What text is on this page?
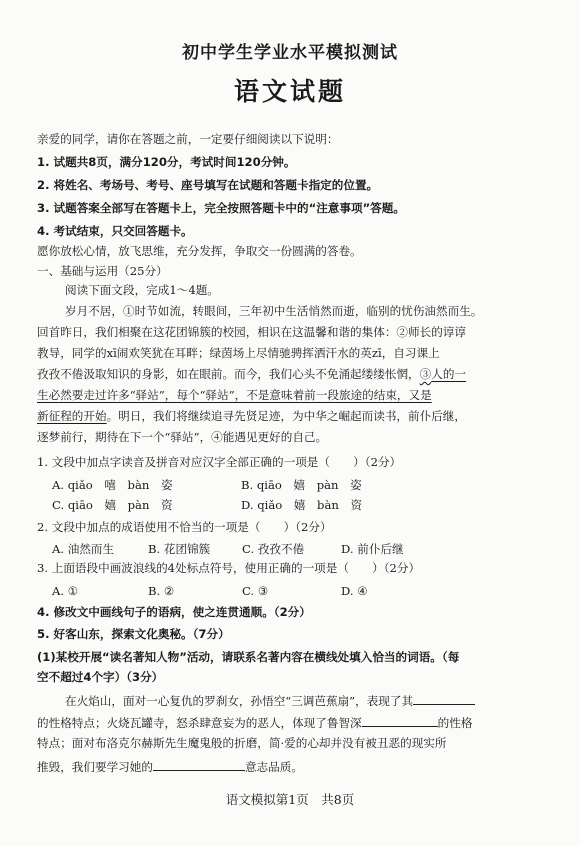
初中学生学业水平模拟测试
语文试题
亲爱的同学，请你在答题之前，一定要仔细阅读以下说明：
1. 试题共8页，满分120分，考试时间120分钟。
2. 将姓名、考场号、考号、座号填写在试题和答题卡指定的位置。
3. 试题答案全部写在答题卡上，完全按照答题卡中的“注意事项”答题。
4. 考试结束，只交回答题卡。
愿你放松心情，放飞思维，充分发挥，争取交一份圆满的答卷。
一、基础与运用（25分）
阅读下面文段，完成1～4题。
岁月不居，①时节如流，转眼间，三年初中生活悄然而逝，临别的忧伤油然而生。
回首昨日，我们相聚在这花团锦簇的校园，相识在这温馨和谐的集体：②师长的谆谆
教导，同学的xī闹欢笑犹在耳畔；绿茵场上尽情驰骋挥洒汗水的英zī，自习课上
孜孜不倦汲取知识的身影，如在眼前。而今，我们心头不免涌起缕缕怅惘，③人的一
生必然要走过许多“驿站”，每个“驿站”，不是意味着前一段旅途的结束，又是
新征程的开始。明日，我们将继续追寻先贤足迹，为中华之崛起而读书，前仆后继，
逐梦前行，期待在下一个“驿站”，④能遇见更好的自己。
1. 文段中加点字读音及拼音对应汉字全部正确的一项是（　　）（2分）
A. qiǎo　嘻　bàn　姿	B. qiāo　嬉　pàn　姿
C. qiāo　嬉　pàn　资	D. qiǎo　嬉　bàn　资
2. 文段中加点的成语使用不恰当的一项是（　　）（2分）
A. 油然而生	B. 花团锦簇	C. 孜孜不倦	D. 前仆后继
3. 上面语段中画波浪线的4处标点符号，使用正确的一项是（　　）（2分）
A. ①	B. ②	C. ③	D. ④
4. 修改文中画线句子的语病，使之连贯通顺。（2分）
5. 好客山东，探索文化奥秘。（7分）
(1)某校开展“读名著知人物”活动，请联系名著内容在横线处填入恰当的词语。（每
空不超过4个字）（3分）
在火焰山，面对一心复仇的罗刹女，孙悟空“三调芭蕉扇”，表现了其
的性格特点；火烧瓦罐寺，怒杀肆意妄为的恶人，体现了鲁智深	的性格
特点；面对布洛克尔赫斯先生魔鬼般的折磨，简·爱的心却并没有被丑恶的现实所
推毁，我们要学习她的	意志品质。
语文模拟第1页　共8页
